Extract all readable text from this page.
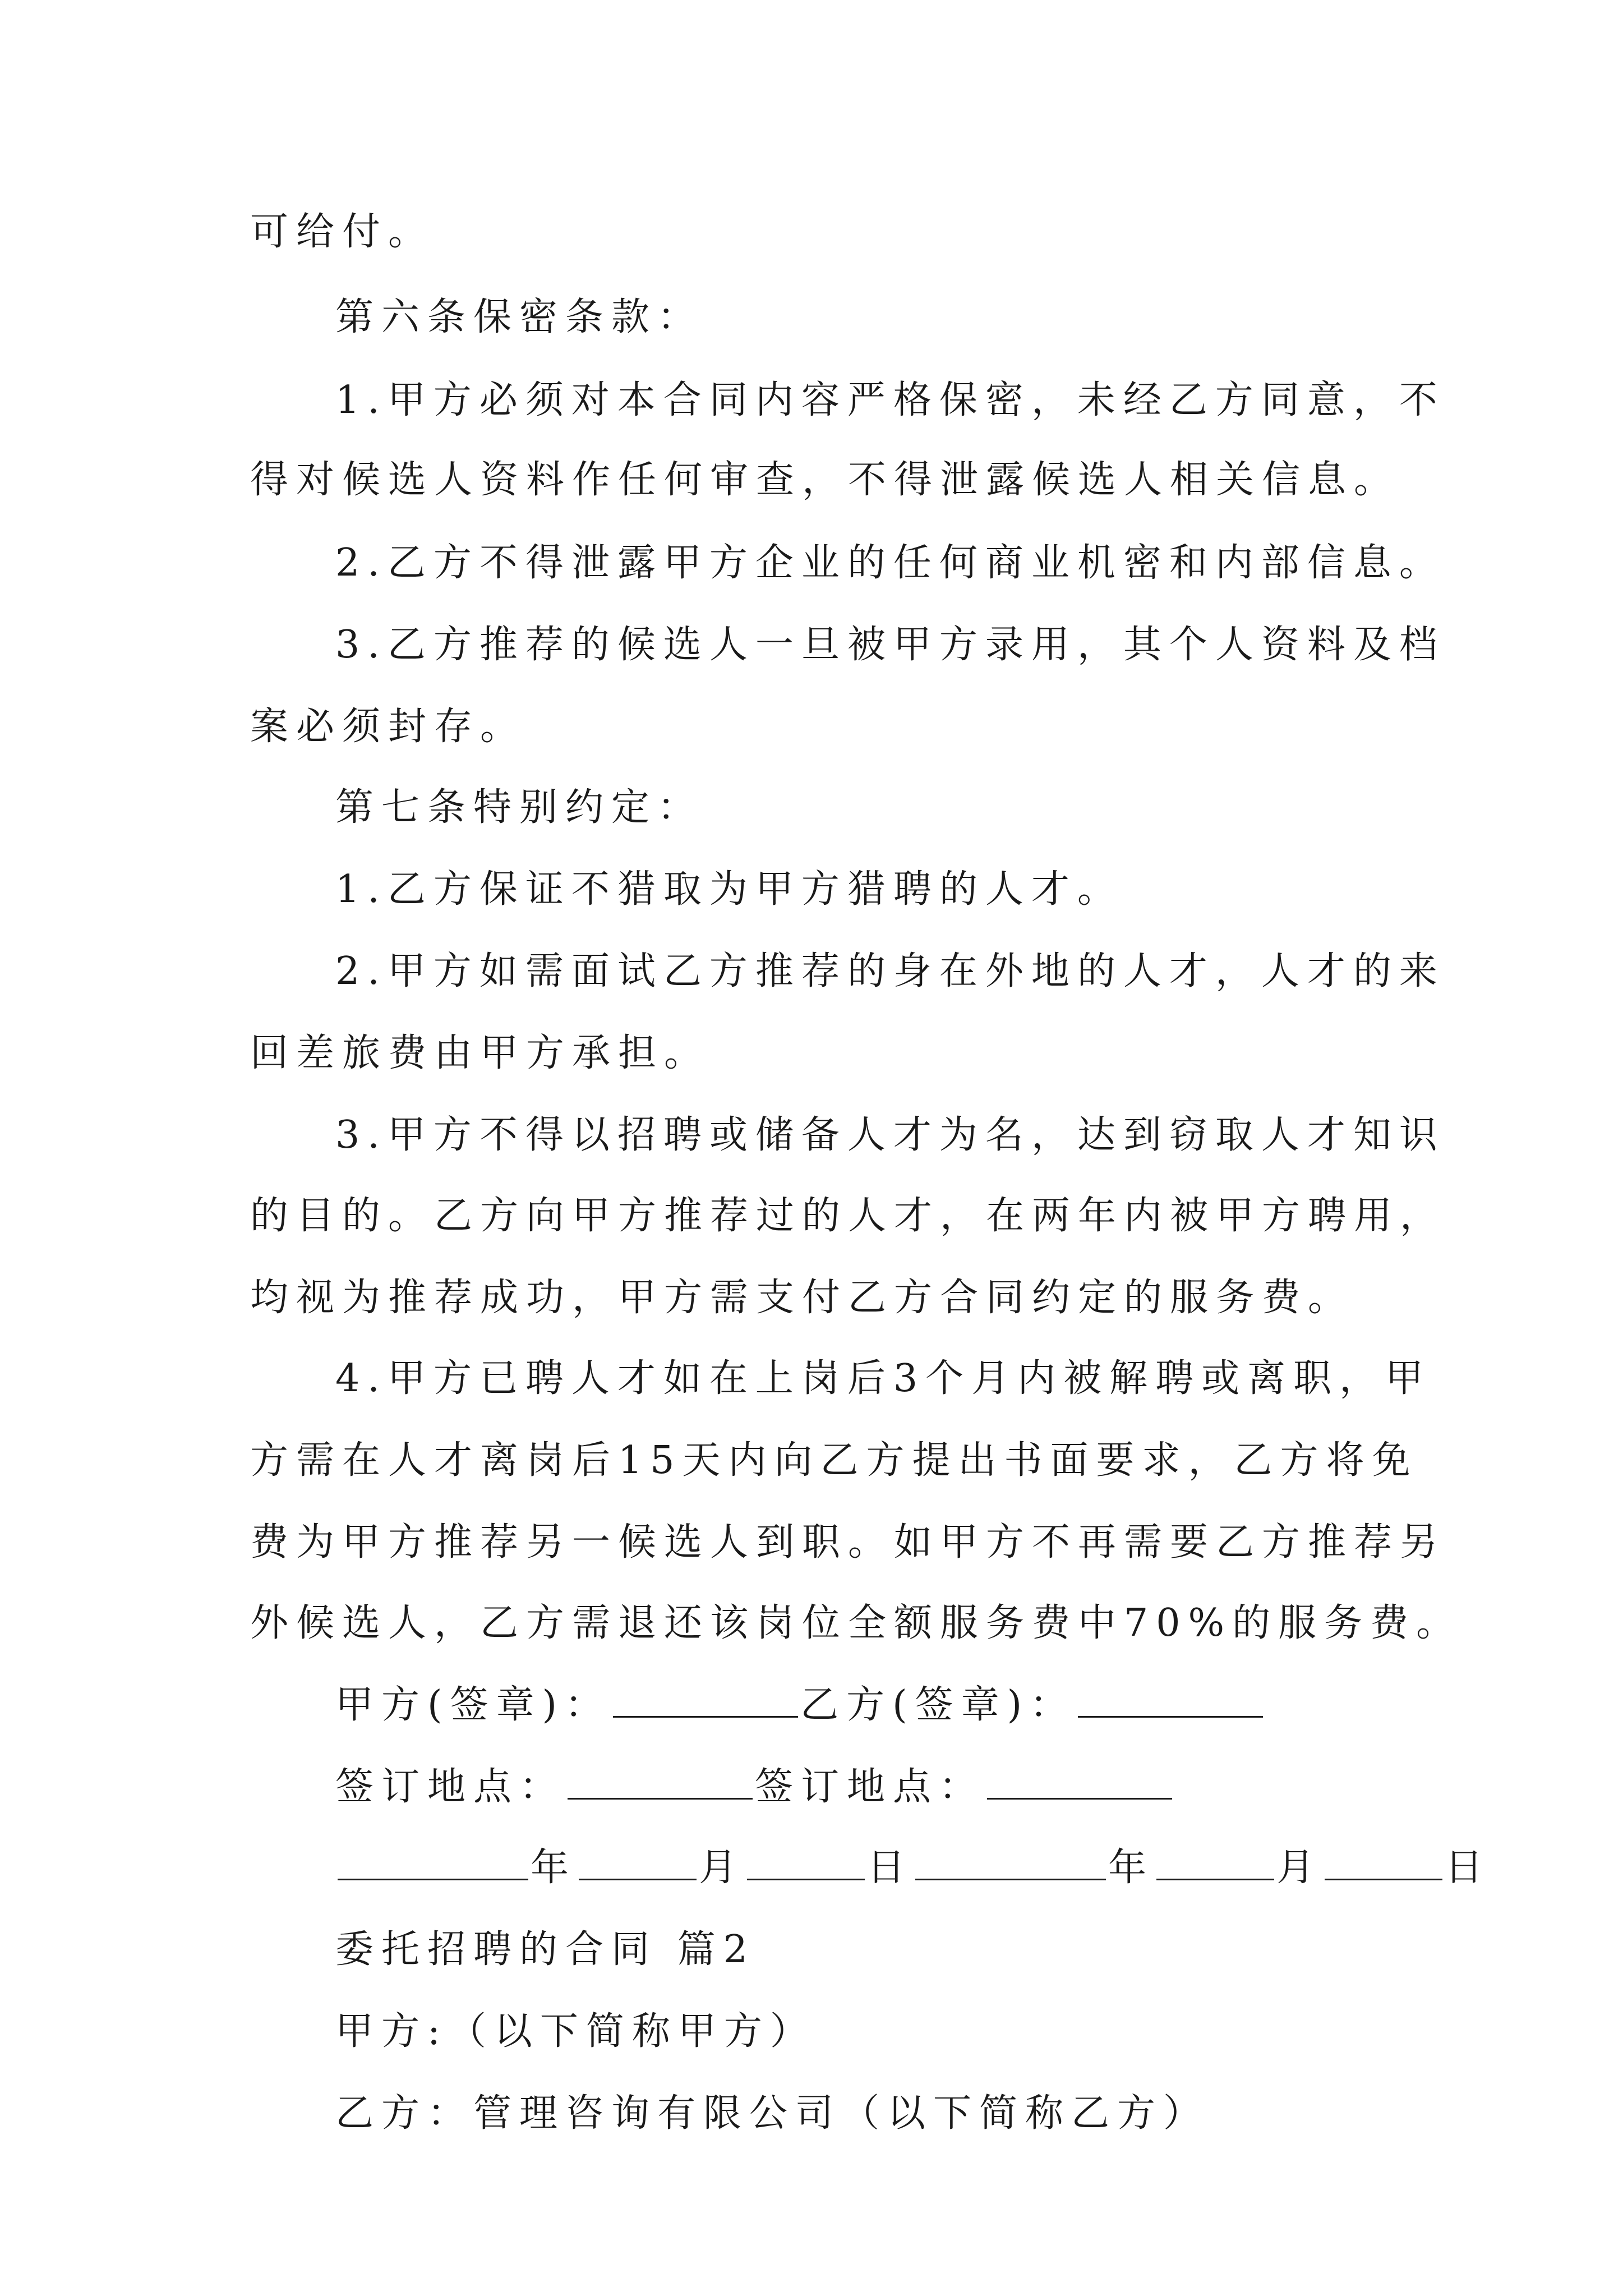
可给付。
第六条保密条款：
1.甲方必须对本合同内容严格保密，未经乙方同意，不
得对候选人资料作任何审查，不得泄露候选人相关信息。
2.乙方不得泄露甲方企业的任何商业机密和内部信息。
3.乙方推荐的候选人一旦被甲方录用，其个人资料及档
案必须封存。
第七条特别约定：
1.乙方保证不猎取为甲方猎聘的人才。
2.甲方如需面试乙方推荐的身在外地的人才，人才的来
回差旅费由甲方承担。
3.甲方不得以招聘或储备人才为名，达到窃取人才知识
的目的。乙方向甲方推荐过的人才，在两年内被甲方聘用，
均视为推荐成功，甲方需支付乙方合同约定的服务费。
4.甲方已聘人才如在上岗后3个月内被解聘或离职，甲
方需在人才离岗后15天内向乙方提出书面要求，乙方将免
费为甲方推荐另一候选人到职。如甲方不再需要乙方推荐另
外候选人，乙方需退还该岗位全额服务费中70%的服务费。
甲方(签章)：	乙方(签章)：
签订地点：	签订地点：
年	月	日	年	月	日
委托招聘的合同 篇2
甲方:（以下简称甲方）
乙方：管理咨询有限公司（以下简称乙方）
